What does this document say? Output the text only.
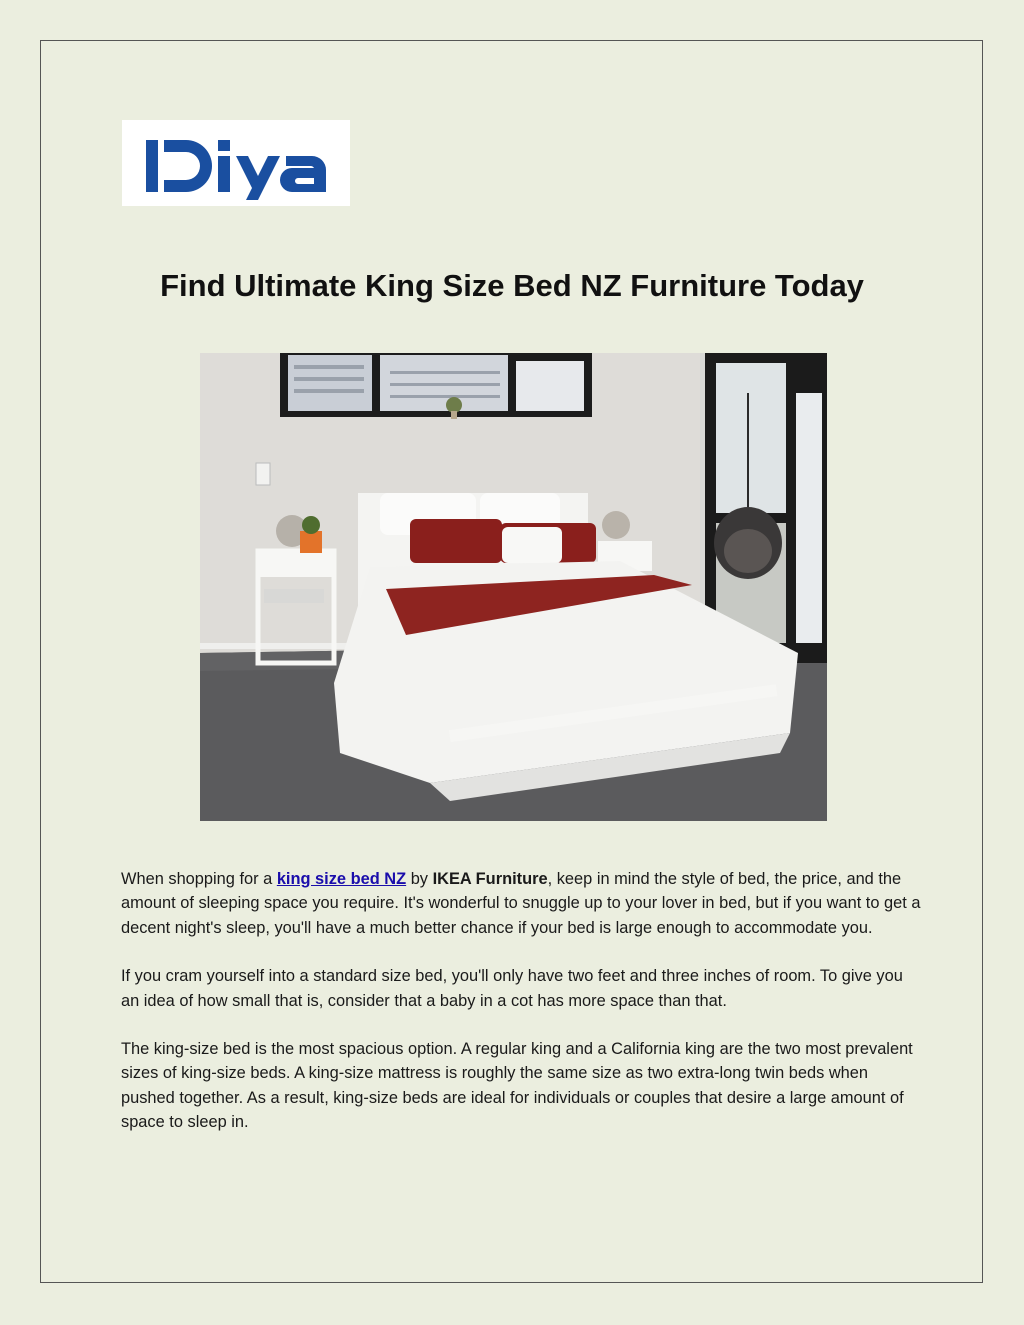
Find Ultimate King Size Bed NZ Furniture Today

When shopping for a king size bed NZ by IKEA Furniture, keep in mind the style of bed, the price, and the amount of sleeping space you require. It's wonderful to snuggle up to your lover in bed, but if you want to get a decent night's sleep, you'll have a much better chance if your bed is large enough to accommodate you.

If you cram yourself into a standard size bed, you'll only have two feet and three inches of room. To give you an idea of how small that is, consider that a baby in a cot has more space than that.

The king-size bed is the most spacious option. A regular king and a California king are the two most prevalent sizes of king-size beds. A king-size mattress is roughly the same size as two extra-long twin beds when pushed together. As a result, king-size beds are ideal for individuals or couples that desire a large amount of space to sleep in.
